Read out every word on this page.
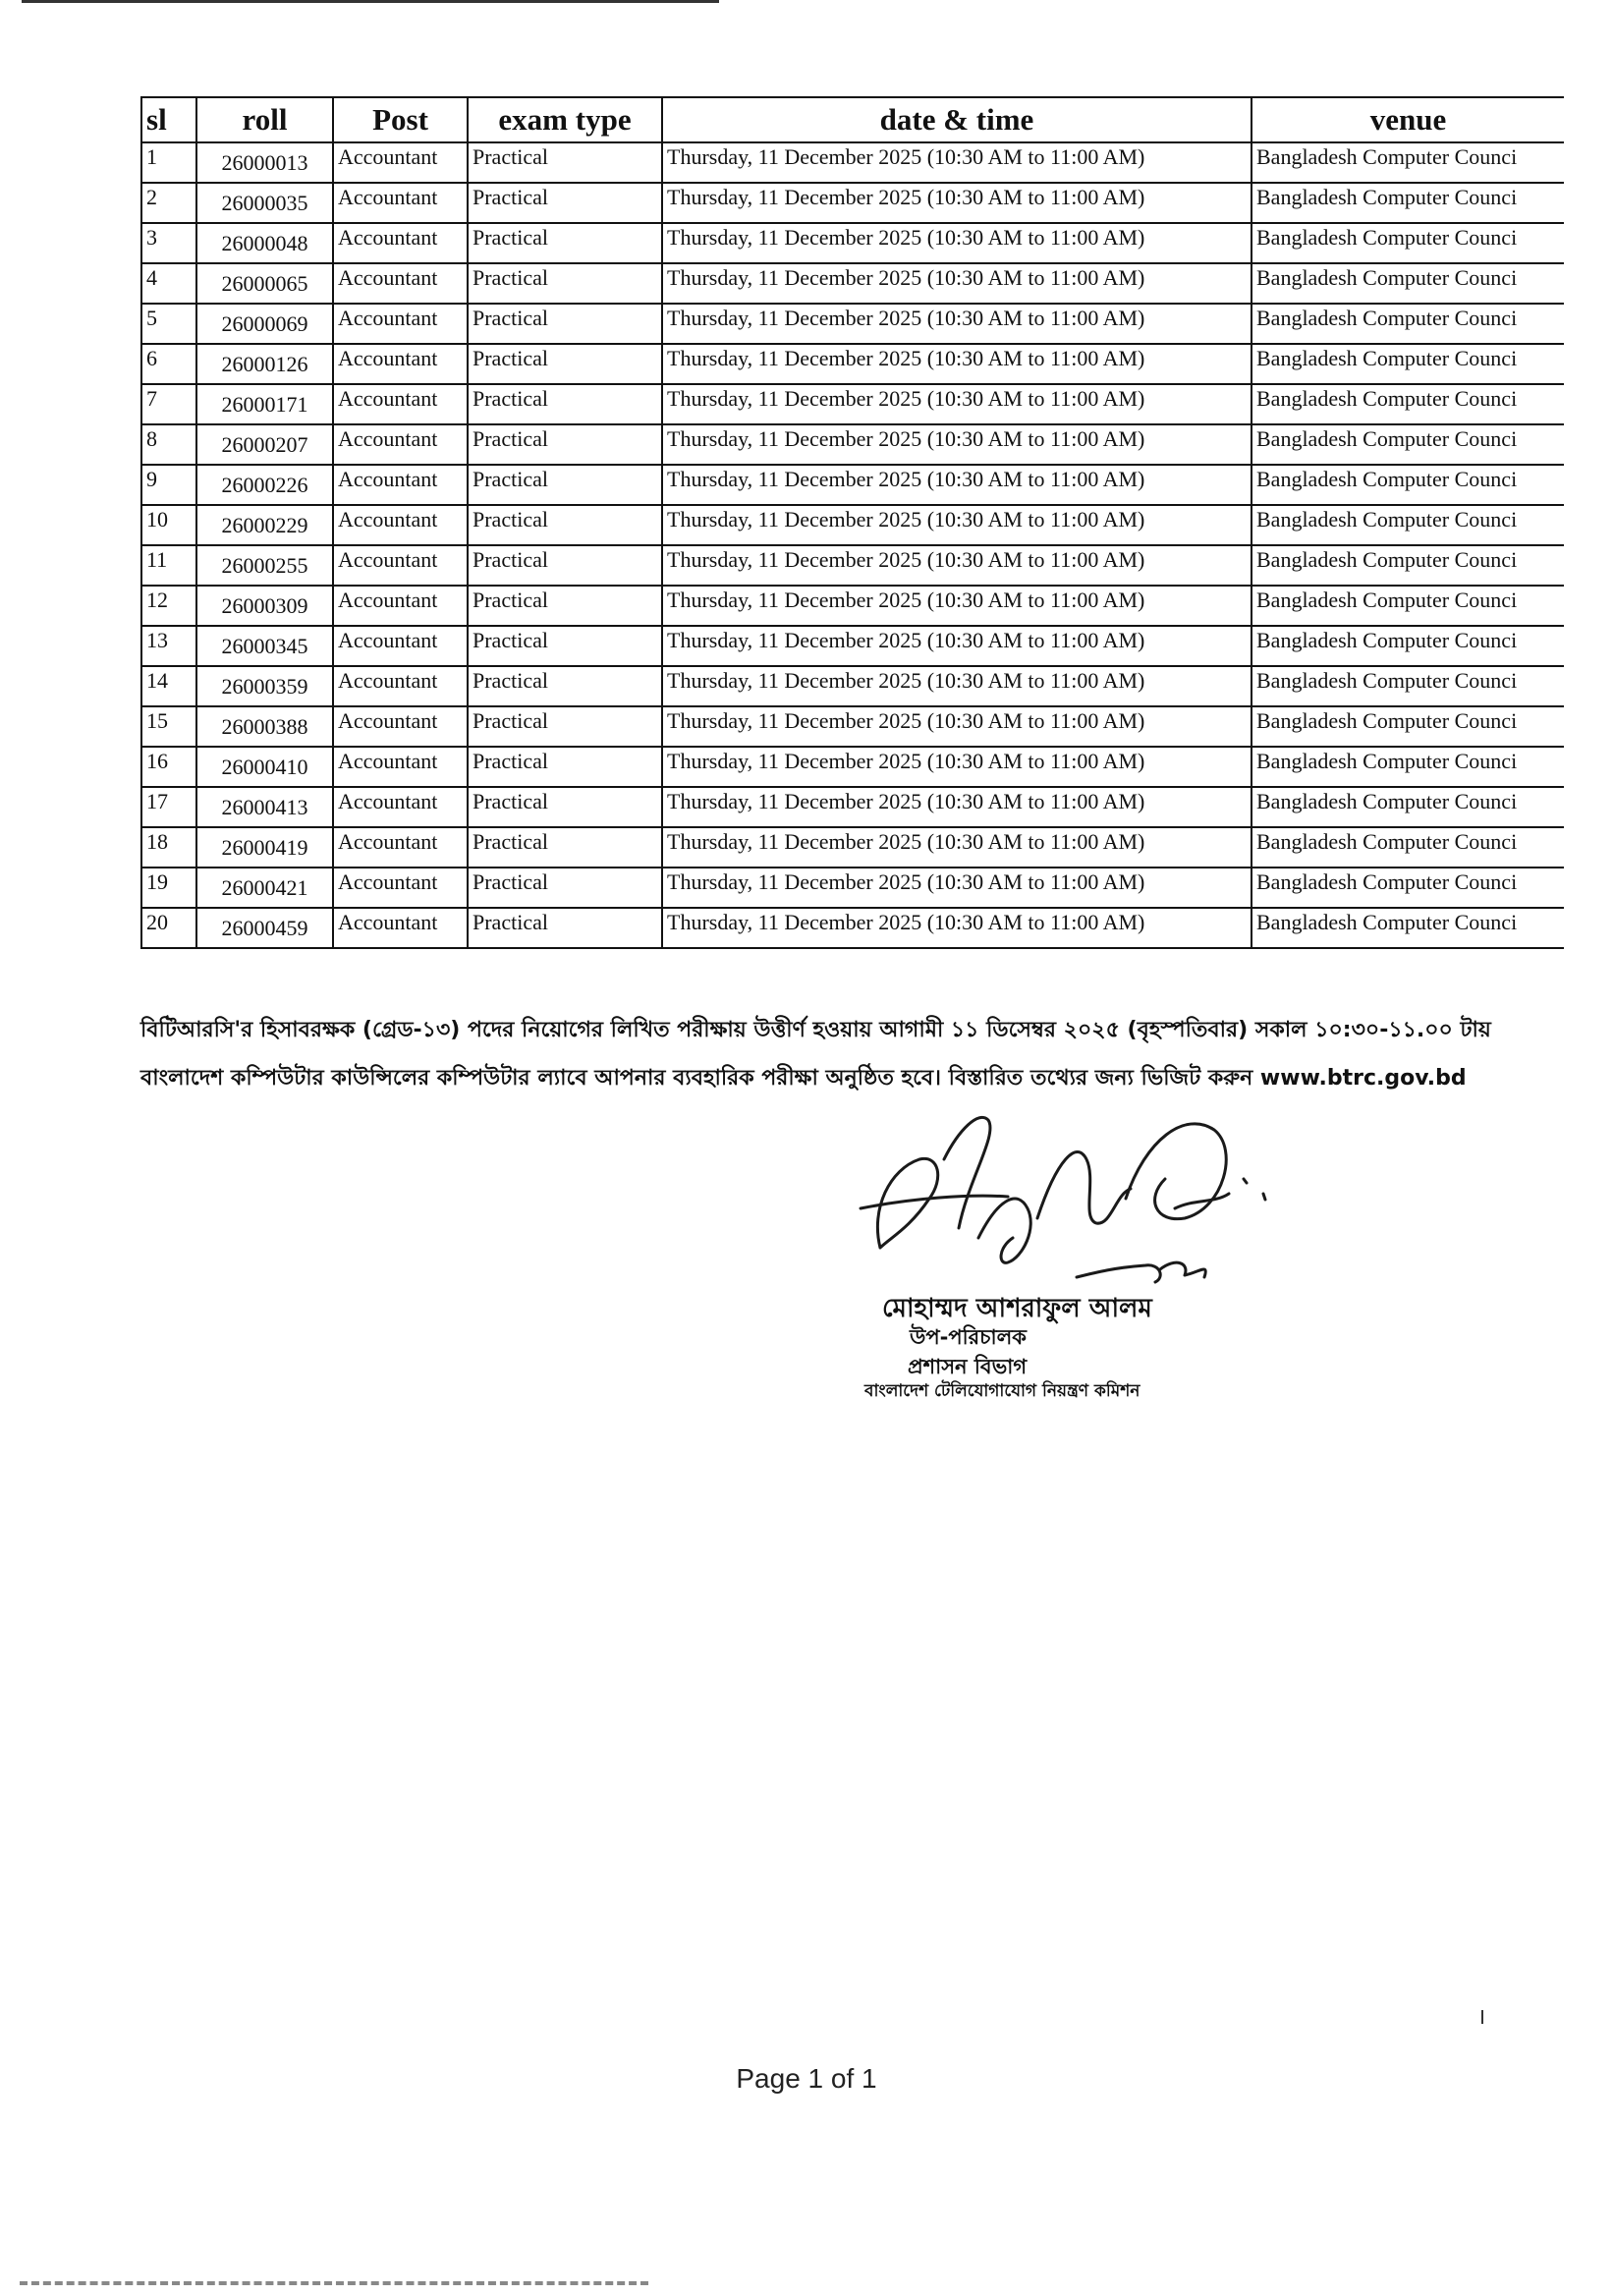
sl	roll	Post	exam type	date & time	venue
1	26000013	Accountant	Practical	Thursday, 11 December 2025 (10:30 AM to 11:00 AM)	Bangladesh Computer Counci
2	26000035	Accountant	Practical	Thursday, 11 December 2025 (10:30 AM to 11:00 AM)	Bangladesh Computer Counci
3	26000048	Accountant	Practical	Thursday, 11 December 2025 (10:30 AM to 11:00 AM)	Bangladesh Computer Counci
4	26000065	Accountant	Practical	Thursday, 11 December 2025 (10:30 AM to 11:00 AM)	Bangladesh Computer Counci
5	26000069	Accountant	Practical	Thursday, 11 December 2025 (10:30 AM to 11:00 AM)	Bangladesh Computer Counci
6	26000126	Accountant	Practical	Thursday, 11 December 2025 (10:30 AM to 11:00 AM)	Bangladesh Computer Counci
7	26000171	Accountant	Practical	Thursday, 11 December 2025 (10:30 AM to 11:00 AM)	Bangladesh Computer Counci
8	26000207	Accountant	Practical	Thursday, 11 December 2025 (10:30 AM to 11:00 AM)	Bangladesh Computer Counci
9	26000226	Accountant	Practical	Thursday, 11 December 2025 (10:30 AM to 11:00 AM)	Bangladesh Computer Counci
10	26000229	Accountant	Practical	Thursday, 11 December 2025 (10:30 AM to 11:00 AM)	Bangladesh Computer Counci
11	26000255	Accountant	Practical	Thursday, 11 December 2025 (10:30 AM to 11:00 AM)	Bangladesh Computer Counci
12	26000309	Accountant	Practical	Thursday, 11 December 2025 (10:30 AM to 11:00 AM)	Bangladesh Computer Counci
13	26000345	Accountant	Practical	Thursday, 11 December 2025 (10:30 AM to 11:00 AM)	Bangladesh Computer Counci
14	26000359	Accountant	Practical	Thursday, 11 December 2025 (10:30 AM to 11:00 AM)	Bangladesh Computer Counci
15	26000388	Accountant	Practical	Thursday, 11 December 2025 (10:30 AM to 11:00 AM)	Bangladesh Computer Counci
16	26000410	Accountant	Practical	Thursday, 11 December 2025 (10:30 AM to 11:00 AM)	Bangladesh Computer Counci
17	26000413	Accountant	Practical	Thursday, 11 December 2025 (10:30 AM to 11:00 AM)	Bangladesh Computer Counci
18	26000419	Accountant	Practical	Thursday, 11 December 2025 (10:30 AM to 11:00 AM)	Bangladesh Computer Counci
19	26000421	Accountant	Practical	Thursday, 11 December 2025 (10:30 AM to 11:00 AM)	Bangladesh Computer Counci
20	26000459	Accountant	Practical	Thursday, 11 December 2025 (10:30 AM to 11:00 AM)	Bangladesh Computer Counci
বিটিআরসি'র হিসাবরক্ষক (গ্রেড-১৩) পদের নিয়োগের লিখিত পরীক্ষায় উত্তীর্ণ হওয়ায় আগামী ১১ ডিসেম্বর ২০২৫ (বৃহস্পতিবার) সকাল ১০:৩০-১১.০০ টায়
বাংলাদেশ কম্পিউটার কাউন্সিলের কম্পিউটার ল্যাবে আপনার ব্যবহারিক পরীক্ষা অনুষ্ঠিত হবে। বিস্তারিত তথ্যের জন্য ভিজিট করুন www.btrc.gov.bd
মোহাম্মদ আশরাফুল আলম
উপ-পরিচালক
প্রশাসন বিভাগ
বাংলাদেশ টেলিযোগাযোগ নিয়ন্ত্রণ কমিশন
Page 1 of 1
